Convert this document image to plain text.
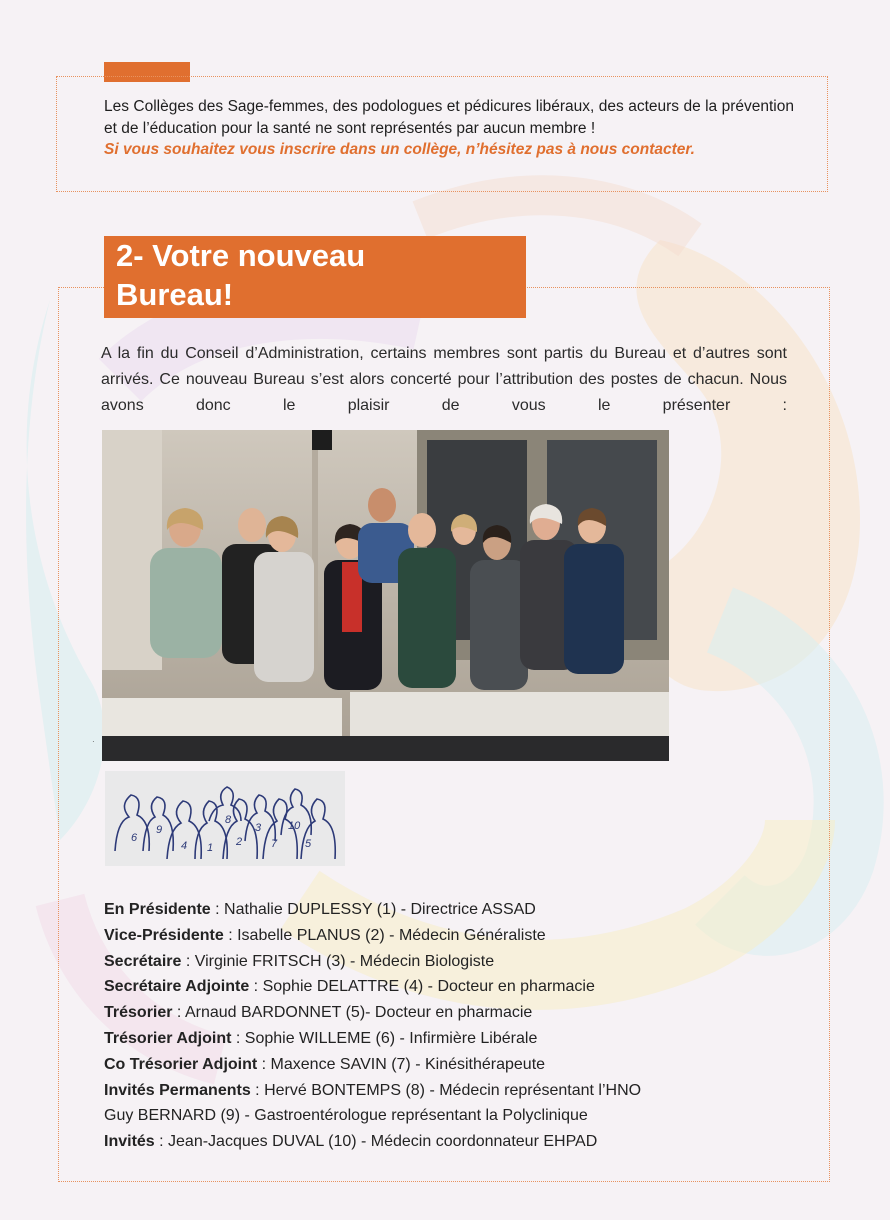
Les Collèges des Sage-femmes, des podologues et pédicures libéraux, des acteurs de la prévention et de l’éducation pour la santé ne sont représentés par aucun membre !
Si vous souhaitez vous inscrire dans un collège, n’hésitez pas à nous contacter.
2- Votre nouveau
Bureau!
A la fin du Conseil d’Administration, certains membres sont partis du Bureau et d’autres sont arrivés. Ce nouveau Bureau s’est alors concerté pour l’attribution des postes de chacun. Nous avons donc le plaisir de vous le présenter :
·
6
9
4 1
8
2
3
7
10
5
En Présidente : Nathalie DUPLESSY (1) - Directrice ASSAD
Vice-Présidente : Isabelle PLANUS (2) - Médecin Généraliste
Secrétaire : Virginie FRITSCH (3) - Médecin Biologiste
Secrétaire Adjointe : Sophie DELATTRE (4) - Docteur en pharmacie
Trésorier : Arnaud BARDONNET (5)- Docteur en pharmacie
Trésorier Adjoint : Sophie WILLEME (6) - Infirmière Libérale
Co Trésorier Adjoint : Maxence SAVIN (7) - Kinésithérapeute
Invités Permanents : Hervé BONTEMPS (8) - Médecin représentant l’HNO
Guy BERNARD (9) - Gastroentérologue représentant la Polyclinique
Invités : Jean-Jacques DUVAL (10) - Médecin coordonnateur EHPAD
